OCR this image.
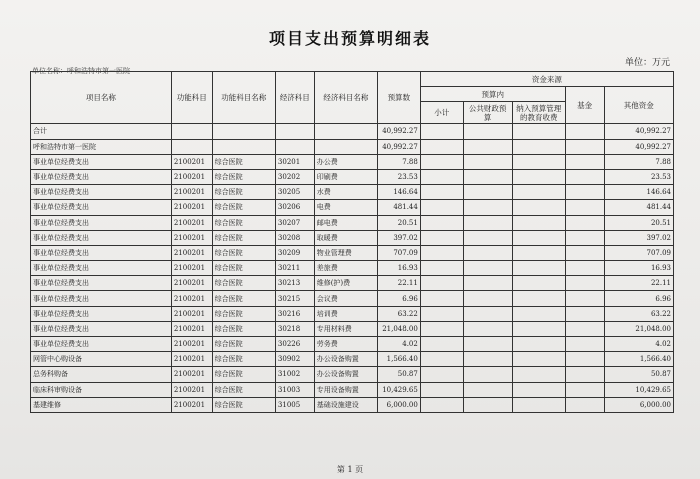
项目支出预算明细表
单位：万元
单位名称：呼和浩特市第一医院
项目名称	功能科目	功能科目名称	经济科目	经济科目名称	预算数	资金来源				
						预算内			基金	其他资金
						小计	公共财政预算	纳入预算管理的教育收费		
合计					40,992.27					40,992.27
呼和浩特市第一医院					40,992.27					40,992.27
事业单位经费支出	2100201	综合医院	30201	办公费	7.88					7.88
事业单位经费支出	2100201	综合医院	30202	印刷费	23.53					23.53
事业单位经费支出	2100201	综合医院	30205	水费	146.64					146.64
事业单位经费支出	2100201	综合医院	30206	电费	481.44					481.44
事业单位经费支出	2100201	综合医院	30207	邮电费	20.51					20.51
事业单位经费支出	2100201	综合医院	30208	取暖费	397.02					397.02
事业单位经费支出	2100201	综合医院	30209	物业管理费	707.09					707.09
事业单位经费支出	2100201	综合医院	30211	差旅费	16.93					16.93
事业单位经费支出	2100201	综合医院	30213	维修(护)费	22.11					22.11
事业单位经费支出	2100201	综合医院	30215	会议费	6.96					6.96
事业单位经费支出	2100201	综合医院	30216	培训费	63.22					63.22
事业单位经费支出	2100201	综合医院	30218	专用材料费	21,048.00					21,048.00
事业单位经费支出	2100201	综合医院	30226	劳务费	4.02					4.02
网管中心购设备	2100201	综合医院	30902	办公设备购置	1,566.40					1,566.40
总务科购备	2100201	综合医院	31002	办公设备购置	50.87					50.87
临床科审购设备	2100201	综合医院	31003	专用设备购置	10,429.65					10,429.65
基建维修	2100201	综合医院	31005	基础设施建设	6,000.00					6,000.00
第 1 页
